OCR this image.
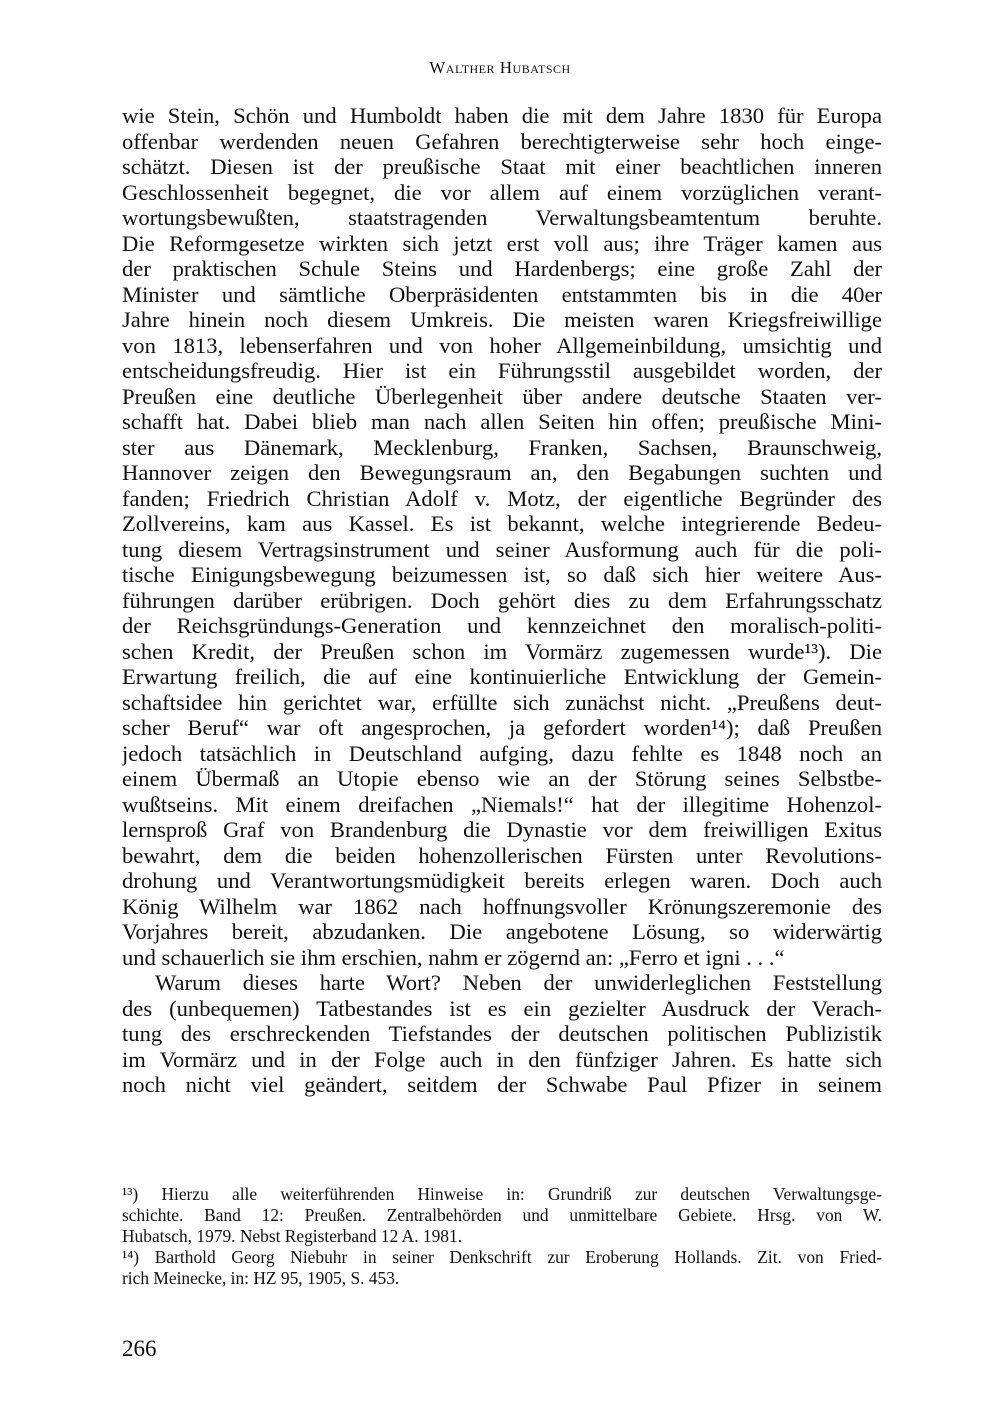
Walther Hubatsch
wie Stein, Schön und Humboldt haben die mit dem Jahre 1830 für Europa
offenbar werdenden neuen Gefahren berechtigterweise sehr hoch einge-
schätzt. Diesen ist der preußische Staat mit einer beachtlichen inneren
Geschlossenheit begegnet, die vor allem auf einem vorzüglichen verant-
wortungsbewußten, staatstragenden Verwaltungsbeamtentum beruhte.
Die Reformgesetze wirkten sich jetzt erst voll aus; ihre Träger kamen aus
der praktischen Schule Steins und Hardenbergs; eine große Zahl der
Minister und sämtliche Oberpräsidenten entstammten bis in die 40er
Jahre hinein noch diesem Umkreis. Die meisten waren Kriegsfreiwillige
von 1813, lebenserfahren und von hoher Allgemeinbildung, umsichtig und
entscheidungsfreudig. Hier ist ein Führungsstil ausgebildet worden, der
Preußen eine deutliche Überlegenheit über andere deutsche Staaten ver-
schafft hat. Dabei blieb man nach allen Seiten hin offen; preußische Mini-
ster aus Dänemark, Mecklenburg, Franken, Sachsen, Braunschweig,
Hannover zeigen den Bewegungsraum an, den Begabungen suchten und
fanden; Friedrich Christian Adolf v. Motz, der eigentliche Begründer des
Zollvereins, kam aus Kassel. Es ist bekannt, welche integrierende Bedeu-
tung diesem Vertragsinstrument und seiner Ausformung auch für die poli-
tische Einigungsbewegung beizumessen ist, so daß sich hier weitere Aus-
führungen darüber erübrigen. Doch gehört dies zu dem Erfahrungsschatz
der Reichsgründungs-Generation und kennzeichnet den moralisch-politi-
schen Kredit, der Preußen schon im Vormärz zugemessen wurde¹³). Die
Erwartung freilich, die auf eine kontinuierliche Entwicklung der Gemein-
schaftsidee hin gerichtet war, erfüllte sich zunächst nicht. „Preußens deut-
scher Beruf“ war oft angesprochen, ja gefordert worden¹⁴); daß Preußen
jedoch tatsächlich in Deutschland aufging, dazu fehlte es 1848 noch an
einem Übermaß an Utopie ebenso wie an der Störung seines Selbstbe-
wußtseins. Mit einem dreifachen „Niemals!“ hat der illegitime Hohenzol-
lernsproß Graf von Brandenburg die Dynastie vor dem freiwilligen Exitus
bewahrt, dem die beiden hohenzollerischen Fürsten unter Revolutions-
drohung und Verantwortungsmüdigkeit bereits erlegen waren. Doch auch
König Wilhelm war 1862 nach hoffnungsvoller Krönungszeremonie des
Vorjahres bereit, abzudanken. Die angebotene Lösung, so widerwärtig
und schauerlich sie ihm erschien, nahm er zögernd an: „Ferro et igni . . .“
Warum dieses harte Wort? Neben der unwiderleglichen Feststellung
des (unbequemen) Tatbestandes ist es ein gezielter Ausdruck der Verach-
tung des erschreckenden Tiefstandes der deutschen politischen Publizistik
im Vormärz und in der Folge auch in den fünfziger Jahren. Es hatte sich
noch nicht viel geändert, seitdem der Schwabe Paul Pfizer in seinem
¹³) Hierzu alle weiterführenden Hinweise in: Grundriß zur deutschen Verwaltungsge-
schichte. Band 12: Preußen. Zentralbehörden und unmittelbare Gebiete. Hrsg. von W.
Hubatsch, 1979. Nebst Registerband 12 A. 1981.
¹⁴) Barthold Georg Niebuhr in seiner Denkschrift zur Eroberung Hollands. Zit. von Fried-
rich Meinecke, in: HZ 95, 1905, S. 453.
266
